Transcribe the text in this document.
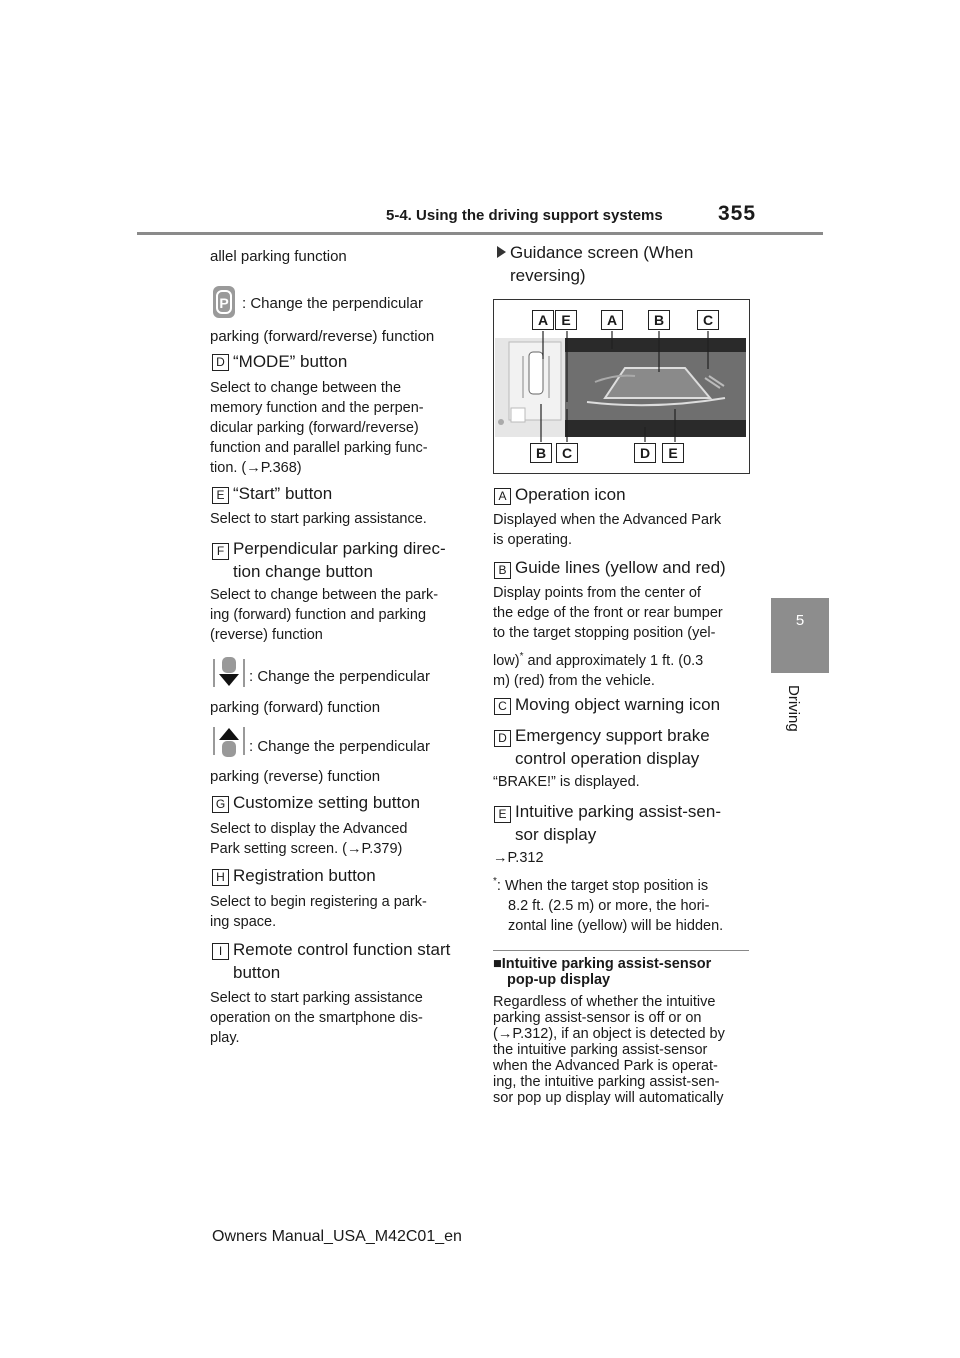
5-4. Using the driving support systems	355
5
Driving
allel parking function
P : Change the perpendicular
parking (forward/reverse) function
D “MODE” button
Select to change between the
memory function and the perpen-
dicular parking (forward/reverse)
function and parallel parking func-
tion. (→P.368)
E “Start” button
Select to start parking assistance.
F Perpendicular parking direc-
tion change button
Select to change between the park-
ing (forward) function and parking
(reverse) function
: Change the perpendicular
parking (forward) function
: Change the perpendicular
parking (reverse) function
G Customize setting button
Select to display the Advanced
Park setting screen. (→P.379)
H Registration button
Select to begin registering a park-
ing space.
I Remote control function start
button
Select to start parking assistance
operation on the smartphone dis-
play.
Guidance screen (When
reversing)
A E	A	B	C
B	C	D	E
A Operation icon
Displayed when the Advanced Park
is operating.
B Guide lines (yellow and red)
Display points from the center of
the edge of the front or rear bumper
to the target stopping position (yel-
low)* and approximately 1 ft. (0.3
m) (red) from the vehicle.
C Moving object warning icon
D Emergency support brake
control operation display
“BRAKE!” is displayed.
E Intuitive parking assist-sen-
sor display
→P.312
*: When the target stop position is
8.2 ft. (2.5 m) or more, the hori-
zontal line (yellow) will be hidden.
■Intuitive parking assist-sensor
pop-up display
Regardless of whether the intuitive
parking assist-sensor is off or on
(→P.312), if an object is detected by
the intuitive parking assist-sensor
when the Advanced Park is operat-
ing, the intuitive parking assist-sen-
sor pop up display will automatically
Owners Manual_USA_M42C01_en
